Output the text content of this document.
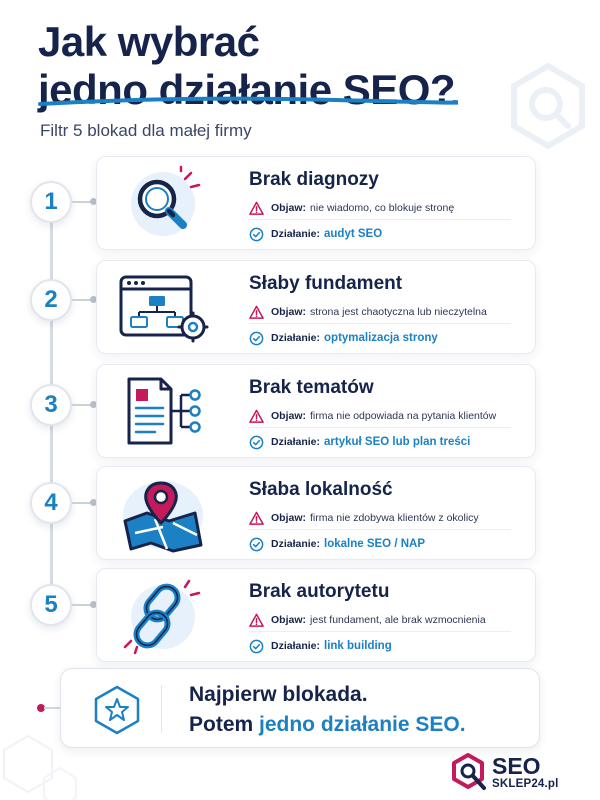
Jak wybrać
jedno działanie SEO?
Filtr 5 blokad dla małej firmy
1
Brak diagnozy
Objaw: nie wiadomo, co blokuje stronę
Działanie: audyt SEO
2
Słaby fundament
Objaw: strona jest chaotyczna lub nieczytelna
Działanie: optymalizacja strony
3
Brak tematów
Objaw: firma nie odpowiada na pytania klientów
Działanie: artykuł SEO lub plan treści
4	Słaba lokalność
Objaw: firma nie zdobywa klientów z okolicy
Działanie: lokalne SEO / NAP
5	Brak autorytetu
Objaw: jest fundament, ale brak wzmocnienia
Działanie: link building
Najpierw blokada.
Potem jedno działanie SEO.
SEO
SKLEP24.pl
